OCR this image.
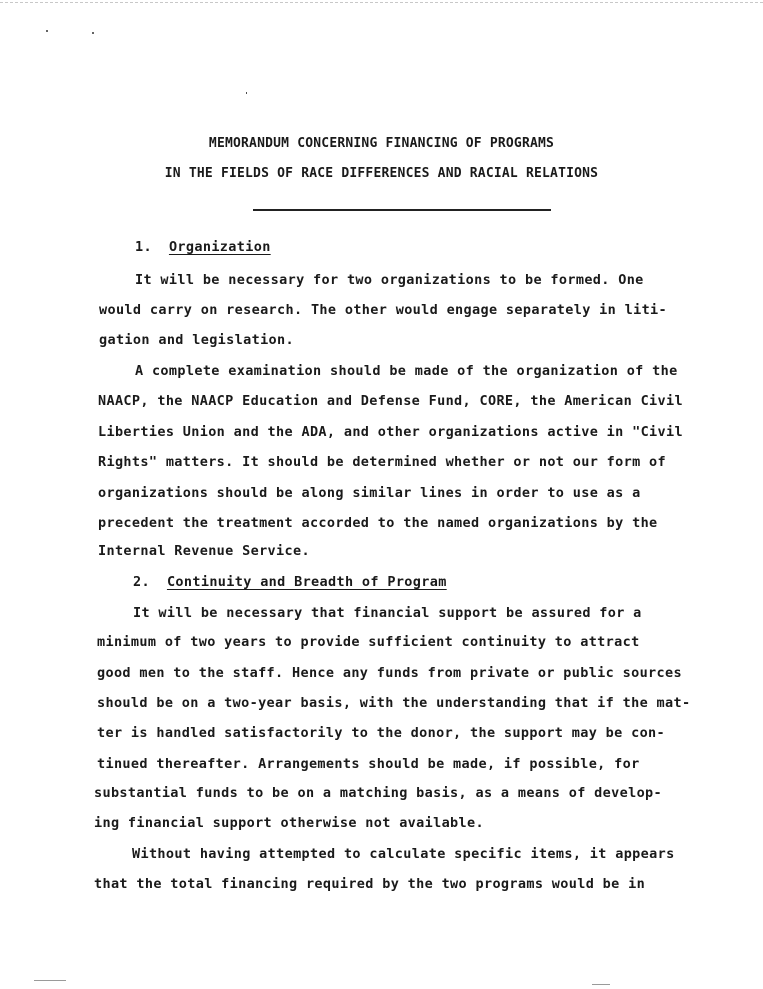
MEMORANDUM CONCERNING FINANCING OF PROGRAMS
IN THE FIELDS OF RACE DIFFERENCES AND RACIAL RELATIONS
1. Organization
It will be necessary for two organizations to be formed. One
would carry on research. The other would engage separately in liti-
gation and legislation.
A complete examination should be made of the organization of the
NAACP, the NAACP Education and Defense Fund, CORE, the American Civil
Liberties Union and the ADA, and other organizations active in "Civil
Rights" matters. It should be determined whether or not our form of
organizations should be along similar lines in order to use as a
precedent the treatment accorded to the named organizations by the
Internal Revenue Service.
2. Continuity and Breadth of Program
It will be necessary that financial support be assured for a
minimum of two years to provide sufficient continuity to attract
good men to the staff. Hence any funds from private or public sources
should be on a two-year basis, with the understanding that if the mat-
ter is handled satisfactorily to the donor, the support may be con-
tinued thereafter. Arrangements should be made, if possible, for
substantial funds to be on a matching basis, as a means of develop-
ing financial support otherwise not available.
Without having attempted to calculate specific items, it appears
that the total financing required by the two programs would be in
